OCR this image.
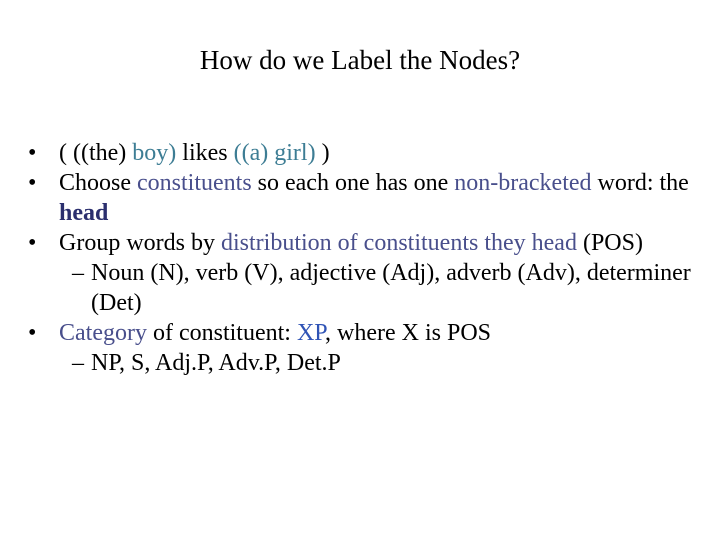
How do we Label the Nodes?
• ( ((the) boy) likes ((a) girl) )
• Choose constituents so each one has one non-bracketed word: the head
• Group words by distribution of constituents they head (POS)
– Noun (N), verb (V), adjective (Adj), adverb (Adv), determiner (Det)
• Category of constituent: XP, where X is POS
– NP, S, Adj.P, Adv.P, Det.P
